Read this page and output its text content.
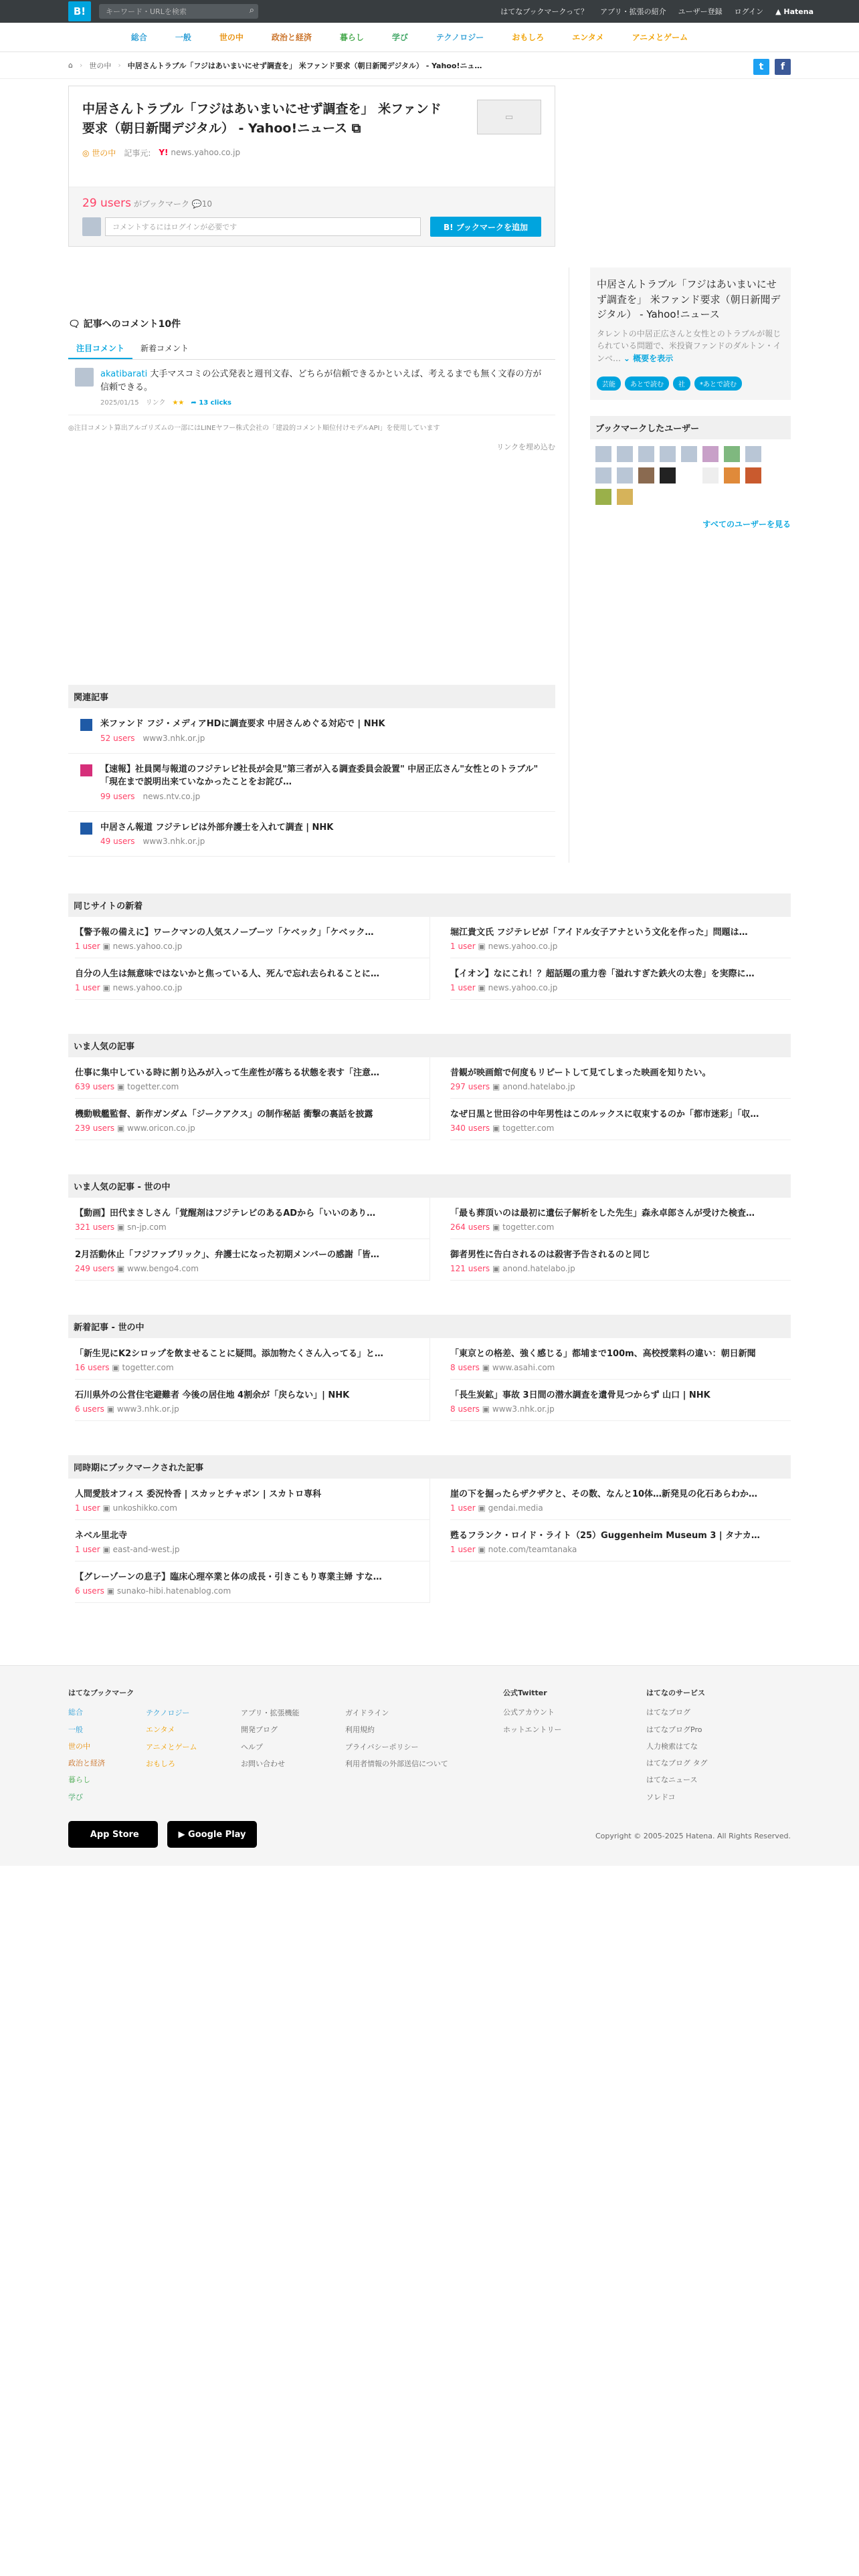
B!	キーワード・URLを検索	⌕	はてなブックマークって？ アプリ・拡張の紹介 ユーザー登録 ログイン ▲ Hatena
総合	一般	世の中	政治と経済	暮らし	学び	テクノロジー	おもしろ	エンタメ	アニメとゲーム
⌂ › 世の中 › 中居さんトラブル「フジはあいまいにせず調査を」 米ファンド要求（朝日新聞デジタル） - Yahoo!ニュ…	t	f
中居さんトラブル「フジはあいまいにせず調査を」 米ファンド要求（朝日新聞デジタル） - Yahoo!ニュース ⧉
◎ 世の中 記事元: Y! news.yahoo.co.jp
▭
29 users がブックマーク 💬10
コメントするにはログインが必要です	B! ブックマークを追加
🗨 記事へのコメント10件
注目コメント	新着コメント
akatibarati 大手マスコミの公式発表と週刊文春、どちらが信頼できるかといえば、考えるまでも無く文春の方が信頼できる。
2025/01/15　 リンク　 ★★　 ➦ 13 clicks
◎注目コメント算出アルゴリズムの一部にはLINEヤフー株式会社の「建設的コメント順位付けモデルAPI」を使用しています
リンクを埋め込む
関連記事
米ファンド フジ・メディアHDに調査要求 中居さんめぐる対応で | NHK
52 users　 www3.nhk.or.jp
【速報】社員関与報道のフジテレビ社長が会見"第三者が入る調査委員会設置" 中居正広さん"女性とのトラブル" 「現在まで説明出来ていなかったことをお詫び…
99 users　 news.ntv.co.jp
中居さん報道 フジテレビは外部弁護士を入れて調査 | NHK
49 users　 www3.nhk.or.jp
中居さんトラブル「フジはあいまいにせず調査を」 米ファンド要求（朝日新聞デジタル） - Yahoo!ニュース
タレントの中居正広さんと女性とのトラブルが報じられている問題で、米投資ファンドのダルトン・インベ… ⌄ 概要を表示
芸能	あとで読む	社	*あとで読む
ブックマークしたユーザー
すべてのユーザーを見る
同じサイトの新着
【警予報の備えに】ワークマンの人気スノーブーツ「ケベック」「ケベック…
1 user ▣ news.yahoo.co.jp
自分の人生は無意味ではないかと焦っている人、死んで忘れ去られることに…
1 user ▣ news.yahoo.co.jp
堀江貴文氏 フジテレビが「アイドル女子アナという文化を作った」問題は…
1 user ▣ news.yahoo.co.jp
【イオン】なにこれ！？超話題の重力巻「溢れすぎた鉄火の太巻」を実際に…
1 user ▣ news.yahoo.co.jp
いま人気の記事
仕事に集中している時に割り込みが入って生産性が落ちる状態を表す「注意…
639 users ▣ togetter.com
機動戦艦監督、新作ガンダム「ジークアクス」の制作秘話 衝撃の裏話を披露
239 users ▣ www.oricon.co.jp
昔観が映画館で何度もリピートして見てしまった映画を知りたい。
297 users ▣ anond.hatelabo.jp
なぜ日黒と世田谷の中年男性はこのルックスに収束するのか「都市迷彩」「収…
340 users ▣ togetter.com
いま人気の記事 - 世の中
【動画】田代まさしさん「覚醒剤はフジテレビのあるADから「いいのあり…
321 users ▣ sn-jp.com
2月活動休止「フジファブリック」、弁護士になった初期メンバーの感謝「皆…
249 users ▣ www.bengo4.com
「最も葬頂いのは最初に遺伝子解析をした先生」森永卓郎さんが受けた検査…
264 users ▣ togetter.com
御者男性に告白されるのは殺害予告されるのと同じ
121 users ▣ anond.hatelabo.jp
新着記事 - 世の中
「新生児にK2シロップを飲ませることに疑問。添加物たくさん入ってる」と…
16 users ▣ togetter.com
石川県外の公営住宅避難者 今後の居住地 4割余が「戻らない」| NHK
6 users ▣ www3.nhk.or.jp
「東京との格差、強く感じる」都埔まで100m、高校授業料の違い：朝日新聞
8 users ▣ www.asahi.com
「長生炭鉱」事故 3日間の潜水調査を遺骨見つからず 山口 | NHK
8 users ▣ www3.nhk.or.jp
同時期にブックマークされた記事
人間愛肢オフィス 委況怜香 | スカッとチャボン | スカトロ専科
1 user ▣ unkoshikko.com
ネベル里北寺
1 user ▣ east-and-west.jp
【グレーゾーンの息子】臨床心理卒業と体の成長・引きこもり専業主婦 すな…
6 users ▣ sunako-hibi.hatenablog.com
崖の下を掘ったらザクザクと、その数、なんと10体…新発見の化石あらわか…
1 user ▣ gendai.media
甦るフランク・ロイド・ライト（25）Guggenheim Museum 3 | タナカ…
1 user ▣ note.com/teamtanaka
はてなブックマーク
総合
一般
世の中
政治と経済
暮らし
学び
テクノロジー
エンタメ
アニメとゲーム
おもしろ
アプリ・拡張機能
開発ブログ
ヘルプ
お問い合わせ
ガイドライン
利用規約
プライバシーポリシー
利用者情報の外部送信について
公式Twitter
公式アカウント
ホットエントリー
はてなのサービス
はてなブログ
はてなブログPro
人力検索はてな
はてなブログ タグ
はてなニュース
ソレドコ

App Store	▶
Google Play	Copyright © 2005-2025 Hatena. All Rights Reserved.
